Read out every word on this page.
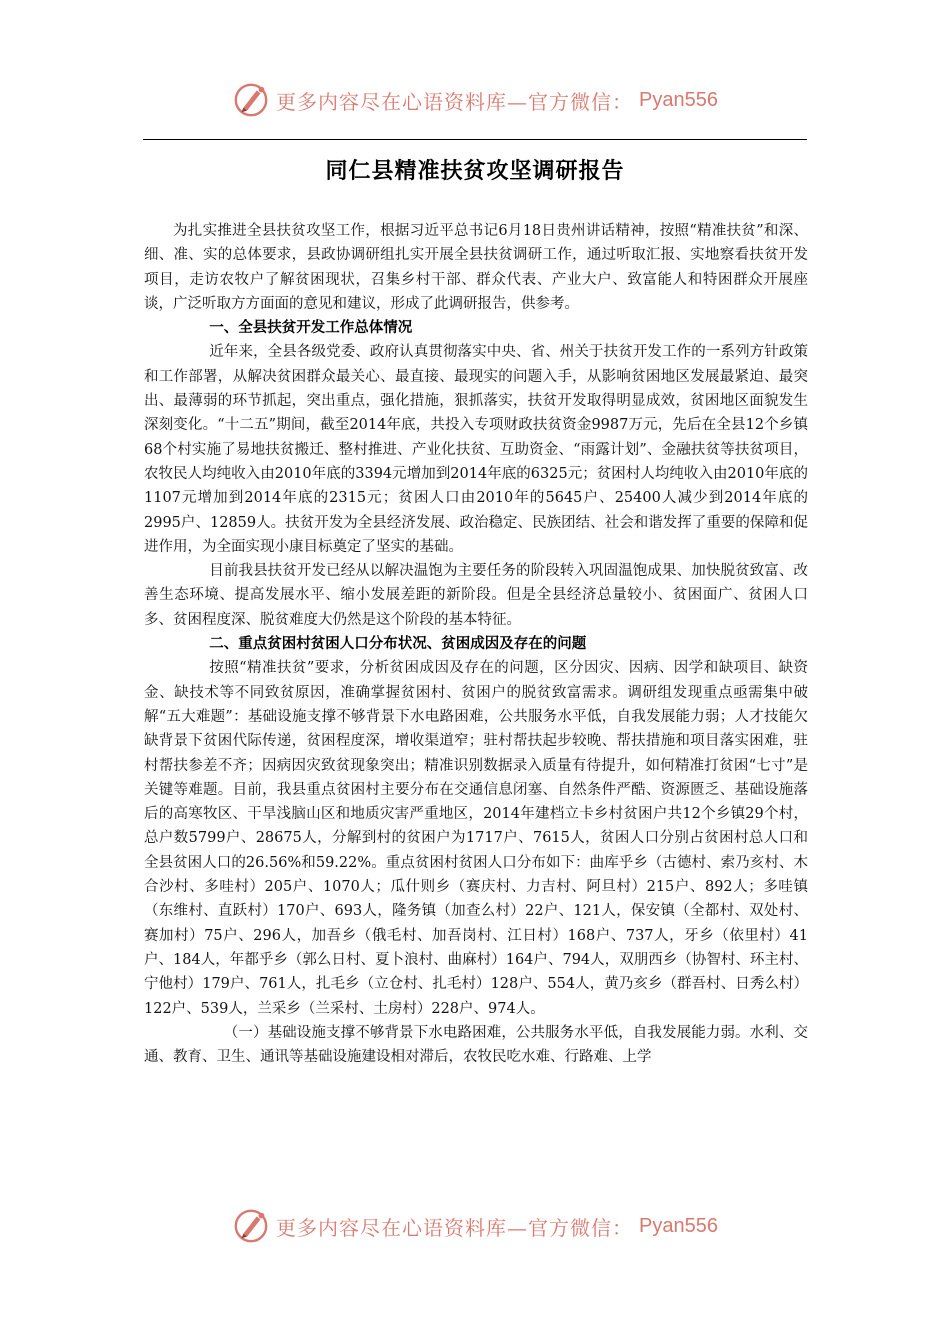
更多内容尽在心语资料库—官方微信： Pyan556
同仁县精准扶贫攻坚调研报告

为扎实推进全县扶贫攻坚工作，根据习近平总书记6月18日贵州讲话精神，按照“精准扶贫”和深、细、准、实的总体要求，县政协调研组扎实开展全县扶贫调研工作，通过听取汇报、实地察看扶贫开发项目，走访农牧户了解贫困现状，召集乡村干部、群众代表、产业大户、致富能人和特困群众开展座谈，广泛听取方方面面的意见和建议，形成了此调研报告，供参考。

一、全县扶贫开发工作总体情况

近年来，全县各级党委、政府认真贯彻落实中央、省、州关于扶贫开发工作的一系列方针政策和工作部署，从解决贫困群众最关心、最直接、最现实的问题入手，从影响贫困地区发展最紧迫、最突出、最薄弱的环节抓起，突出重点，强化措施，狠抓落实，扶贫开发取得明显成效，贫困地区面貌发生深刻变化。“十二五”期间，截至2014年底，共投入专项财政扶贫资金9987万元，先后在全县12个乡镇68个村实施了易地扶贫搬迁、整村推进、产业化扶贫、互助资金、“雨露计划”、金融扶贫等扶贫项目，农牧民人均纯收入由2010年底的3394元增加到2014年底的6325元；贫困村人均纯收入由2010年底的1107元增加到2014年底的2315元；贫困人口由2010年的5645户、25400人减少到2014年底的2995户、12859人。扶贫开发为全县经济发展、政治稳定、民族团结、社会和谐发挥了重要的保障和促进作用，为全面实现小康目标奠定了坚实的基础。

目前我县扶贫开发已经从以解决温饱为主要任务的阶段转入巩固温饱成果、加快脱贫致富、改善生态环境、提高发展水平、缩小发展差距的新阶段。但是全县经济总量较小、贫困面广、贫困人口多、贫困程度深、脱贫难度大仍然是这个阶段的基本特征。

二、重点贫困村贫困人口分布状况、贫困成因及存在的问题

按照“精准扶贫”要求，分析贫困成因及存在的问题，区分因灾、因病、因学和缺项目、缺资金、缺技术等不同致贫原因，准确掌握贫困村、贫困户的脱贫致富需求。调研组发现重点亟需集中破解“五大难题”：基础设施支撑不够背景下水电路困难，公共服务水平低，自我发展能力弱；人才技能欠缺背景下贫困代际传递，贫困程度深，增收渠道窄；驻村帮扶起步较晚、帮扶措施和项目落实困难，驻村帮扶参差不齐；因病因灾致贫现象突出；精准识别数据录入质量有待提升，如何精准打贫困“七寸”是关键等难题。目前，我县重点贫困村主要分布在交通信息闭塞、自然条件严酷、资源匮乏、基础设施落后的高寒牧区、干旱浅脑山区和地质灾害严重地区，2014年建档立卡乡村贫困户共12个乡镇29个村，总户数5799户、28675人，分解到村的贫困户为1717户、7615人，贫困人口分别占贫困村总人口和全县贫困人口的26.56%和59.22%。重点贫困村贫困人口分布如下：曲库乎乡（古德村、索乃亥村、木合沙村、多哇村）205户、1070人；瓜什则乡（赛庆村、力吉村、阿旦村）215户、892人；多哇镇（东维村、直跃村）170户、693人，隆务镇（加查么村）22户、121人，保安镇（全都村、双处村、赛加村）75户、296人，加吾乡（俄毛村、加吾岗村、江日村）168户、737人，牙乡（依里村）41户、184人，年都乎乡（郭么日村、夏卜浪村、曲麻村）164户、794人，双朋西乡（协智村、环主村、宁他村）179户、761人，扎毛乡（立仓村、扎毛村）128户、554人，黄乃亥乡（群吾村、日秀么村）122户、539人，兰采乡（兰采村、土房村）228户、974人。

（一）基础设施支撑不够背景下水电路困难，公共服务水平低，自我发展能力弱。水利、交通、教育、卫生、通讯等基础设施建设相对滞后，农牧民吃水难、行路难、上学

更多内容尽在心语资料库—官方微信： Pyan556
